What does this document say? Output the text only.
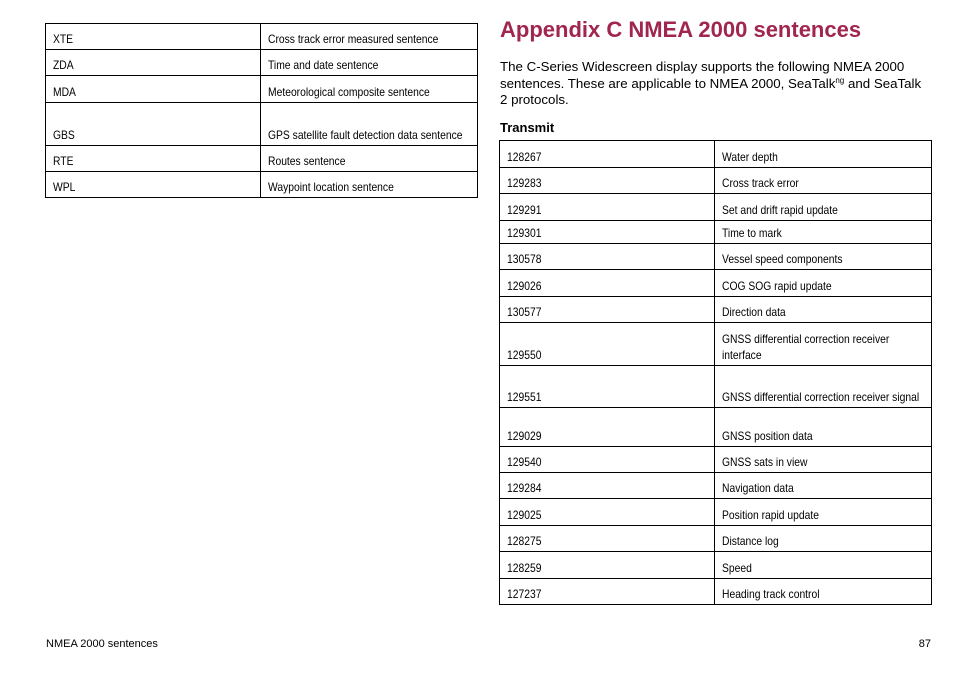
XTE	Cross track error measured sentence
ZDA	Time and date sentence
MDA	Meteorological composite sentence
GBS	GPS satellite fault detection data sentence
RTE	Routes sentence
WPL	Waypoint location sentence
Appendix C NMEA 2000 sentences

The C-Series Widescreen display supports the following NMEA 2000 sentences. These are applicable to NMEA 2000, SeaTalk$^{ng}$ and SeaTalk 2 protocols.

Transmit
128267	Water depth
129283	Cross track error
129291	Set and drift rapid update
129301	Time to mark
130578	Vessel speed components
129026	COG SOG rapid update
130577	Direction data
129550	GNSS differential correction receiver interface
129551	GNSS differential correction receiver signal
129029	GNSS position data
129540	GNSS sats in view
129284	Navigation data
129025	Position rapid update
128275	Distance log
128259	Speed
127237	Heading track control
NMEA 2000 sentences	87
